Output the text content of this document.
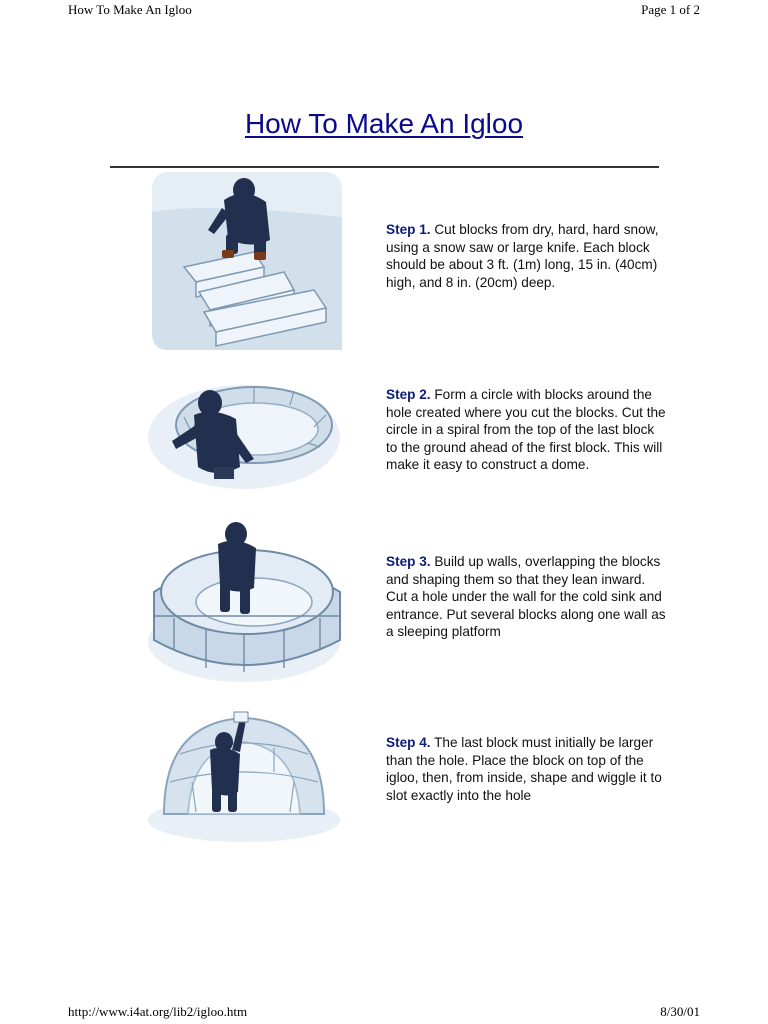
How To Make An Igloo	Page 1 of 2
How To Make An Igloo
Step 1. Cut blocks from dry, hard, hard snow, using a snow saw or large knife. Each block should be about 3 ft. (1m) long, 15 in. (40cm) high, and 8 in. (20cm) deep.
Step 2. Form a circle with blocks around the hole created where you cut the blocks. Cut the circle in a spiral from the top of the last block to the ground ahead of the first block. This will make it easy to construct a dome.
Step 3. Build up walls, overlapping the blocks and shaping them so that they lean inward. Cut a hole under the wall for the cold sink and entrance. Put several blocks along one wall as a sleeping platform
Step 4. The last block must initially be larger than the hole. Place the block on top of the igloo, then, from inside, shape and wiggle it to slot exactly into the hole
http://www.i4at.org/lib2/igloo.htm	8/30/01
